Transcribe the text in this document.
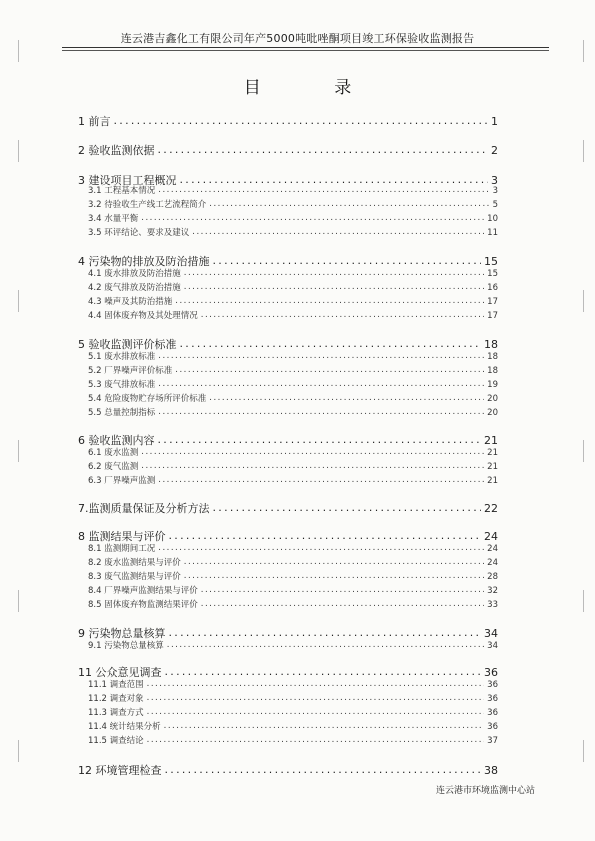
连云港吉鑫化工有限公司年产5000吨吡唑酮项目竣工环保验收监测报告
目 录
1 前言 . . .	1
2 验收监测依据 . . .	2
3 建设项目工程概况 . . .	3
3.1 工程基本情况 . . .	3
3.2 待验收生产线工艺流程简介 . . .	5
3.4 水量平衡 . . .	10
3.5 环评结论、要求及建议 . . .	11
4 污染物的排放及防治措施 . . .	15
4.1 废水排放及防治措施 . . .	15
4.2 废气排放及防治措施 . . .	16
4.3 噪声及其防治措施 . . .	17
4.4 固体废弃物及其处理情况 . . .	17
5 验收监测评价标准 . . .	18
5.1 废水排放标准 . . .	18
5.2 厂界噪声评价标准 . . .	18
5.3 废气排放标准 . . .	19
5.4 危险废物贮存场所评价标准 . . .	20
5.5 总量控制指标 . . .	20
6 验收监测内容 . . .	21
6.1 废水监测 . . .	21
6.2 废气监测 . . .	21
6.3 厂界噪声监测 . . .	21
7.监测质量保证及分析方法 . . .	22
8 监测结果与评价 . . .	24
8.1 监测期间工况 . . .	24
8.2 废水监测结果与评价 . . .	24
8.3 废气监测结果与评价 . . .	28
8.4 厂界噪声监测结果与评价 . . .	32
8.5 固体废弃物监测结果评价 . . .	33
9 污染物总量核算 . . .	34
9.1 污染物总量核算 . . .	34
11 公众意见调查 . . .	36
11.1 调查范围 . . .	36
11.2 调查对象 . . .	36
11.3 调查方式 . . .	36
11.4 统计结果分析 . . .	36
11.5 调查结论 . . .	37
12 环境管理检查 . . .	38
连云港市环境监测中心站
